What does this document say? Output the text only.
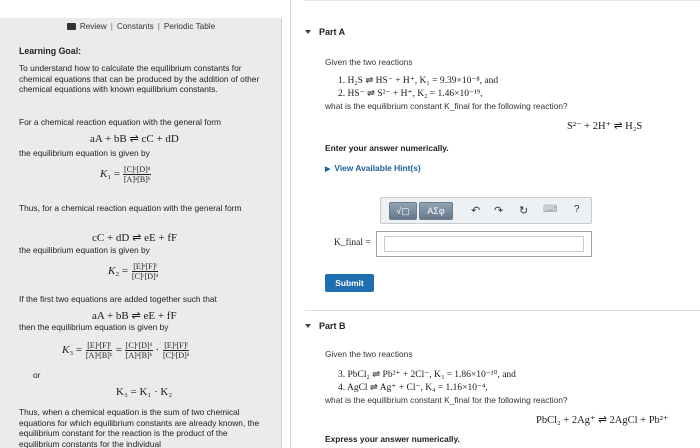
Review | Constants | Periodic Table
Learning Goal:
To understand how to calculate the equilibrium constants for chemical equations that can be produced by the addition of other chemical equations with known equilibrium constants.
For a chemical reaction equation with the general form
aA + bB ⇌ cC + dD
the equilibrium equation is given by
$K_1 = \frac{\text{[C]ᶜ[D]ᵈ}}{\text{[A]ᵃ[B]ᵇ}}$
Thus, for a chemical reaction equation with the general form
cC + dD ⇌ eE + fF
the equilibrium equation is given by
$K_2 = \frac{\text{[E]ᵉ[F]ᶠ}}{\text{[C]ᶜ[D]ᵈ}}$
If the first two equations are added together such that
aA + bB ⇌ eE + fF
then the equilibrium equation is given by
$K_3 = \frac{\text{[E]ᵉ[F]ᶠ}}{\text{[A]ᵃ[B]ᵇ}} = \frac{\text{[C]ᶜ[D]ᵈ}}{\text{[A]ᵃ[B]ᵇ}} \cdot \frac{\text{[E]ᵉ[F]ᶠ}}{\text{[C]ᶜ[D]ᵈ}}$
or
K₃ = K₁ · K₂
Thus, when a chemical equation is the sum of two chemical equations for which equilibrium constants are already known, the equilibrium constant for the reaction is the product of the equilibrium constants for the individual
Part A
Given the two reactions
1. H₂S ⇌ HS⁻ + H⁺, K₁ = 9.39×10⁻⁸, and
2. HS⁻ ⇌ S²⁻ + H⁺, K₂ = 1.46×10⁻¹⁹,
what is the equilibrium constant K_final for the following reaction?
S²⁻ + 2H⁺ ⇌ H₂S
Enter your answer numerically.
▶ View Available Hint(s)
√▢	ΑΣφ	↶ ↷ ↻ ⌨ ?
K_final =
Submit
Part B
Given the two reactions
3. PbCl₂ ⇌ Pb²⁺ + 2Cl⁻, K₃ = 1.86×10⁻¹⁰, and
4. AgCl ⇌ Ag⁺ + Cl⁻, K₄ = 1.16×10⁻⁴,
what is the equilibrium constant K_final for the following reaction?
PbCl₂ + 2Ag⁺ ⇌ 2AgCl + Pb²⁺
Express your answer numerically.
